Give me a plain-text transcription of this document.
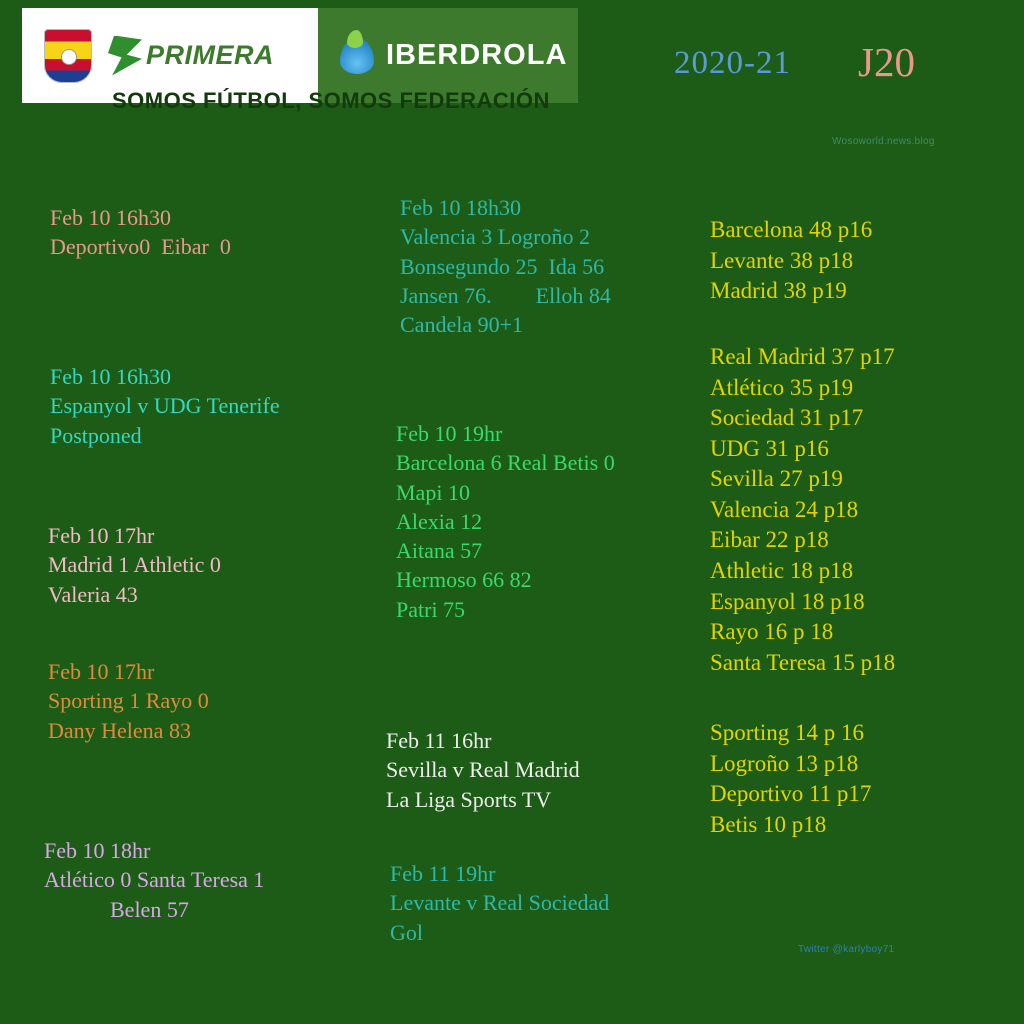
PRIMERA	IBERDROLA
SOMOS FÚTBOL, SOMOS FEDERACIÓN
2020-21 J20
Wosoworld.news.blog
Twitter @karlyboy71
Feb 10 16h30
Deportivo0  Eibar  0
Feb 10 16h30
Espanyol v UDG Tenerife
Postponed
Feb 10 17hr
Madrid 1 Athletic 0
Valeria 43
Feb 10 17hr
Sporting 1 Rayo 0
Dany Helena 83
Feb 10 18hr
Atlético 0 Santa Teresa 1
Belen 57
Feb 10 18h30
Valencia 3 Logroño 2
Bonsegundo 25  Ida 56
Jansen 76.        Elloh 84
Candela 90+1
Feb 10 19hr
Barcelona 6 Real Betis 0
Mapi 10
Alexia 12
Aitana 57
Hermoso 66 82
Patri 75
Feb 11 16hr
Sevilla v Real Madrid
La Liga Sports TV
Feb 11 19hr
Levante v Real Sociedad
Gol
Barcelona 48 p16
Levante 38 p18
Madrid 38 p19
Real Madrid 37 p17
Atlético 35 p19
Sociedad 31 p17
UDG 31 p16
Sevilla 27 p19
Valencia 24 p18
Eibar 22 p18
Athletic 18 p18
Espanyol 18 p18
Rayo 16 p 18
Santa Teresa 15 p18
Sporting 14 p 16
Logroño 13 p18
Deportivo 11 p17
Betis 10 p18
